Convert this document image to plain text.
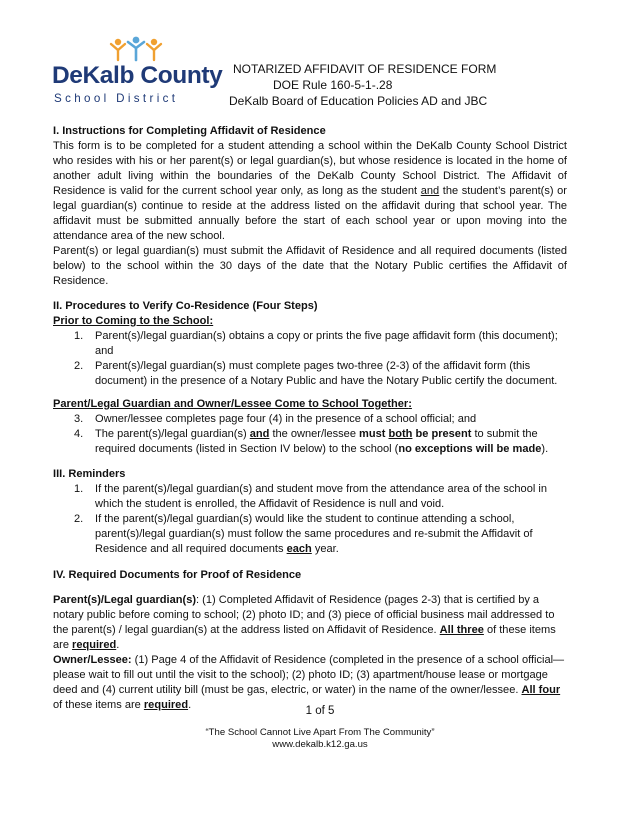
DeKalb County
School District
NOTARIZED AFFIDAVIT OF RESIDENCE FORM
DOE Rule 160-5-1-.28
DeKalb Board of Education Policies AD and JBC

I. Instructions for Completing Affidavit of Residence

This form is to be completed for a student attending a school within the DeKalb County School District who resides with his or her parent(s) or legal guardian(s), but whose residence is located in the home of another adult living within the boundaries of the DeKalb County School District. The Affidavit of Residence is valid for the current school year only, as long as the student and the student’s parent(s) or legal guardian(s) continue to reside at the address listed on the affidavit during that school year. The affidavit must be submitted annually before the start of each school year or upon moving into the attendance area of the new school.

Parent(s) or legal guardian(s) must submit the Affidavit of Residence and all required documents (listed below) to the school within the 30 days of the date that the Notary Public certifies the Affidavit of Residence.

II. Procedures to Verify Co-Residence (Four Steps)

Prior to Coming to the School:

1. Parent(s)/legal guardian(s) obtains a copy or prints the five page affidavit form (this document); and
2. Parent(s)/legal guardian(s) must complete pages two-three (2-3) of the affidavit form (this document) in the presence of a Notary Public and have the Notary Public certify the document.

Parent/Legal Guardian and Owner/Lessee Come to School Together:

3. Owner/lessee completes page four (4) in the presence of a school official; and
4. The parent(s)/legal guardian(s) and the owner/lessee must both be present to submit the required documents (listed in Section IV below) to the school (no exceptions will be made).

III. Reminders

1. If the parent(s)/legal guardian(s) and student move from the attendance area of the school in which the student is enrolled, the Affidavit of Residence is null and void.
2. If the parent(s)/legal guardian(s) would like the student to continue attending a school, parent(s)/legal guardian(s) must follow the same procedures and re-submit the Affidavit of Residence and all required documents each year.

IV. Required Documents for Proof of Residence

Parent(s)/Legal guardian(s): (1) Completed Affidavit of Residence (pages 2-3) that is certified by a notary public before coming to school; (2) photo ID; and (3) piece of official business mail addressed to the parent(s) / legal guardian(s) at the address listed on Affidavit of Residence. All three of these items are required.

Owner/Lessee: (1) Page 4 of the Affidavit of Residence (completed in the presence of a school official—please wait to fill out until the visit to the school); (2) photo ID; (3) apartment/house lease or mortgage deed and (4) current utility bill (must be gas, electric, or water) in the name of the owner/lessee. All four of these items are required.	1 of 5
“The School Cannot Live Apart From The Community”
www.dekalb.k12.ga.us
